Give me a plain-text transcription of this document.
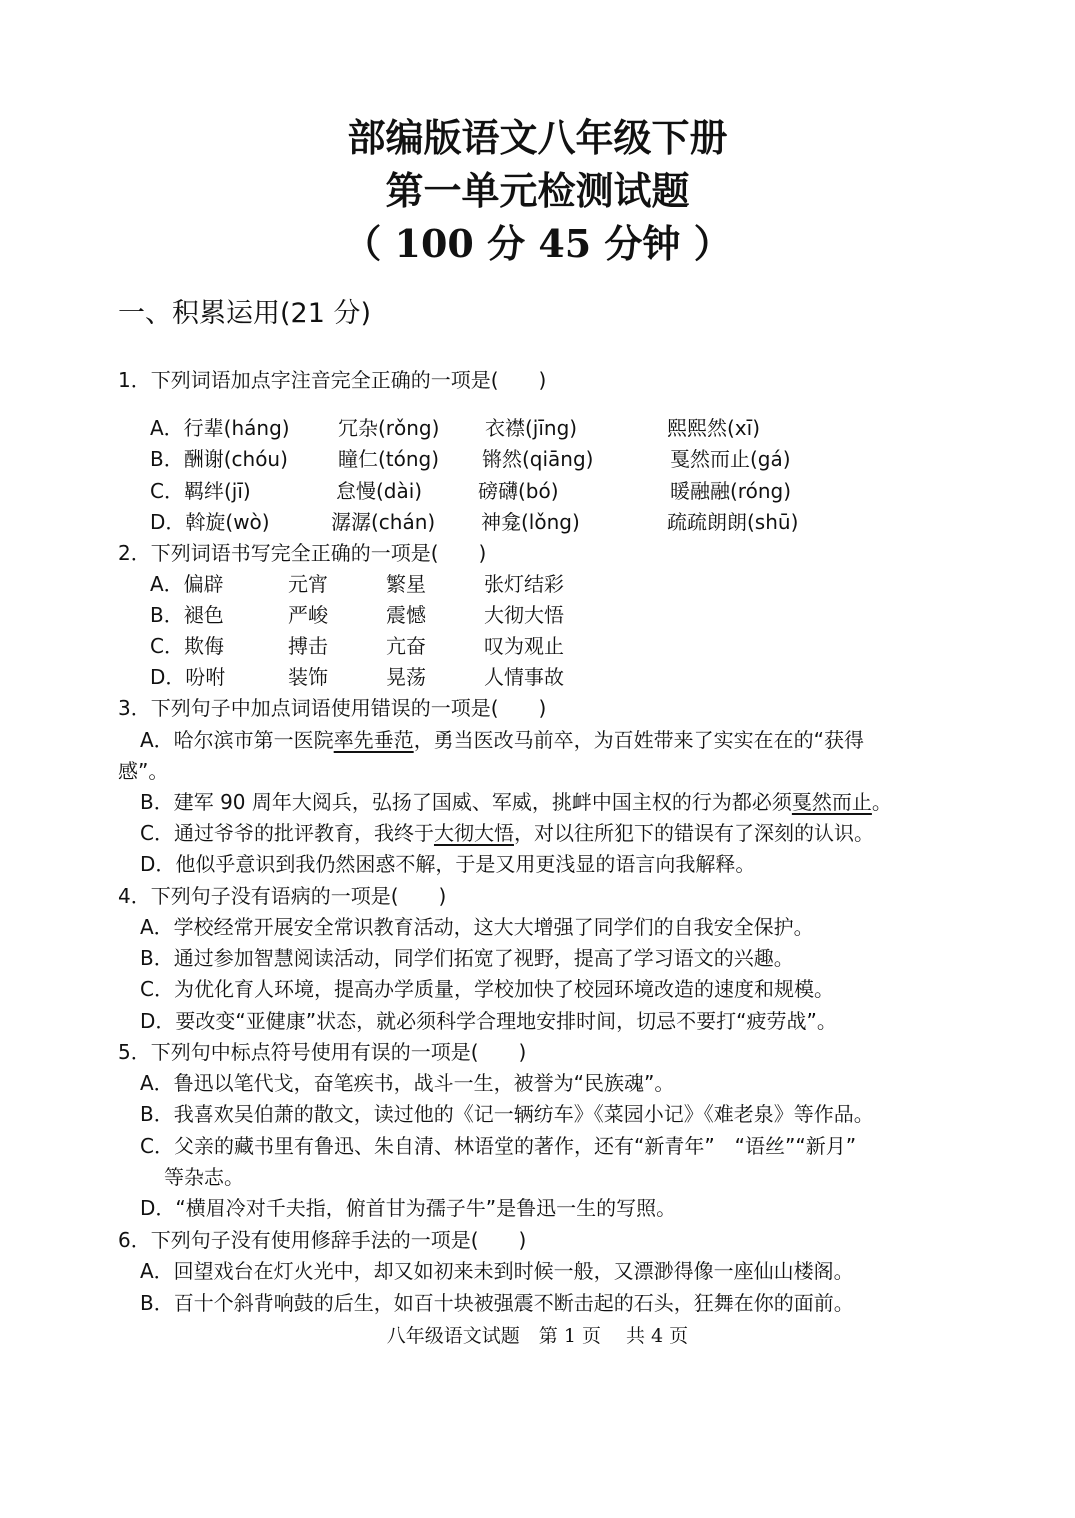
部编版语文八年级下册
第一单元检测试题
（ 100 分 45 分钟 ）
一、积累运用(21 分)
1．下列词语加点字注音完全正确的一项是(　　)
A．行辈(háng) 冗杂(rǒng) 衣襟(jīng)	熙熙然(xī)
B．酬谢(chóu)	瞳仁(tóng) 锵然(qiāng)	戛然而止(gá)
C．羁绊(jī)	怠慢(dài)	磅礴(bó)	暖融融(róng)
D．斡旋(wò)	潺潺(chán) 神龛(lǒng)	疏疏朗朗(shū)
2．下列词语书写完全正确的一项是(　　)
A．偏辟	元宵	繁星	张灯结彩
B．褪色	严峻	震憾	大彻大悟
C．欺侮	搏击	亢奋	叹为观止
D．吩咐	装饰	晃荡	人情事故
3．下列句子中加点词语使用错误的一项是(　　)
A．哈尔滨市第一医院率先垂范，勇当医改马前卒，为百姓带来了实实在在的“获得
感”。
B．建军 90 周年大阅兵，弘扬了国威、军威，挑衅中国主权的行为都必须戛然而止。
C．通过爷爷的批评教育，我终于大彻大悟，对以往所犯下的错误有了深刻的认识。
D．他似乎意识到我仍然困惑不解，于是又用更浅显的语言向我解释。
4．下列句子没有语病的一项是(　　)
A．学校经常开展安全常识教育活动，这大大增强了同学们的自我安全保护。
B．通过参加智慧阅读活动，同学们拓宽了视野，提高了学习语文的兴趣。
C．为优化育人环境，提高办学质量，学校加快了校园环境改造的速度和规模。
D．要改变“亚健康”状态，就必须科学合理地安排时间，切忌不要打“疲劳战”。
5．下列句中标点符号使用有误的一项是(　　)
A．鲁迅以笔代戈，奋笔疾书，战斗一生，被誉为“民族魂”。
B．我喜欢吴伯萧的散文，读过他的《记一辆纺车》《菜园小记》《难老泉》等作品。
C．父亲的藏书里有鲁迅、朱自清、林语堂的著作，还有“新青年”　“语丝”“新月”
等杂志。
D．“横眉冷对千夫指，俯首甘为孺子牛”是鲁迅一生的写照。
6．下列句子没有使用修辞手法的一项是(　　)
A．回望戏台在灯火光中，却又如初来未到时候一般，又漂渺得像一座仙山楼阁。
B．百十个斜背响鼓的后生，如百十块被强震不断击起的石头，狂舞在你的面前。
八年级语文试题　第 1 页　 共 4 页
